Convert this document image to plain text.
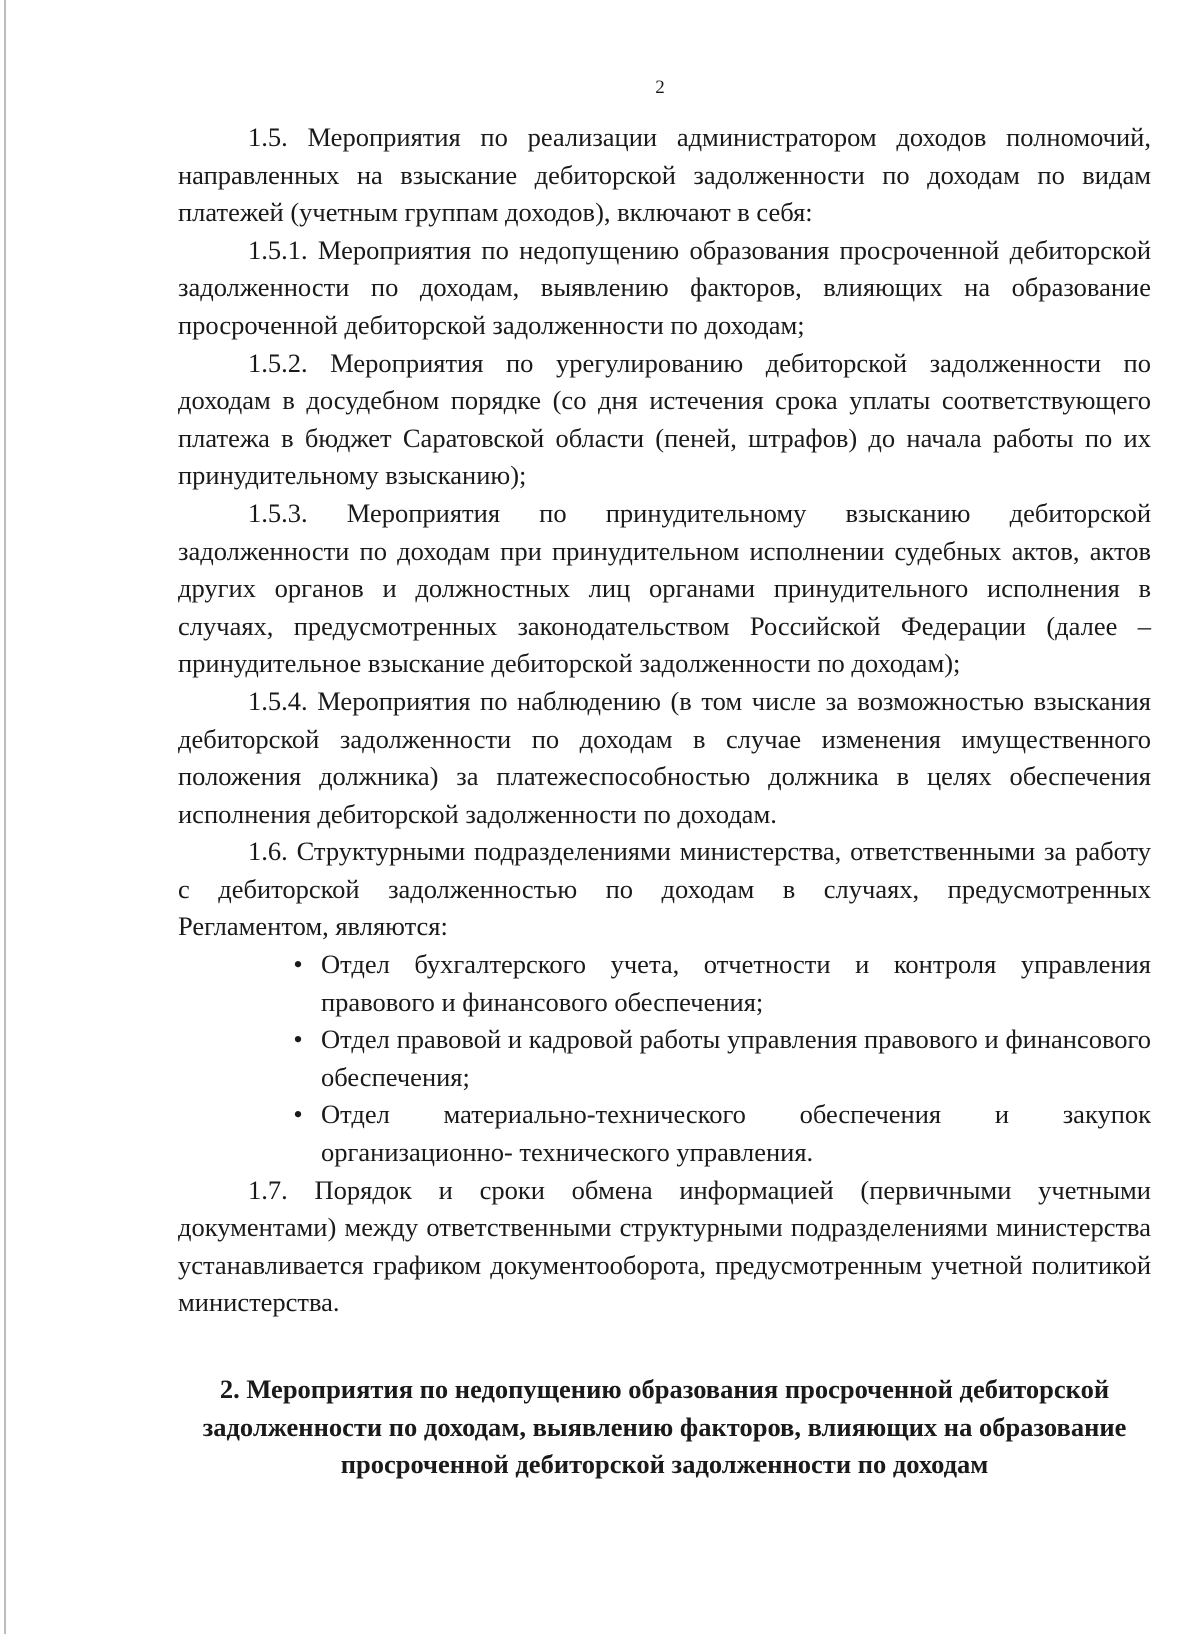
2

1.5. Мероприятия по реализации администратором доходов полномочий, направленных на взыскание дебиторской задолженности по доходам по видам платежей (учетным группам доходов), включают в себя:

1.5.1. Мероприятия по недопущению образования просроченной дебиторской задолженности по доходам, выявлению факторов, влияющих на образование просроченной дебиторской задолженности по доходам;

1.5.2. Мероприятия по урегулированию дебиторской задолженности по доходам в досудебном порядке (со дня истечения срока уплаты соответствующего платежа в бюджет Саратовской области (пеней, штрафов) до начала работы по их принудительному взысканию);

1.5.3. Мероприятия по принудительному взысканию дебиторской задолженности по доходам при принудительном исполнении судебных актов, актов других органов и должностных лиц органами принудительного исполнения в случаях, предусмотренных законодательством Российской Федерации (далее – принудительное взыскание дебиторской задолженности по доходам);

1.5.4. Мероприятия по наблюдению (в том числе за возможностью взыскания дебиторской задолженности по доходам в случае изменения имущественного положения должника) за платежеспособностью должника в целях обеспечения исполнения дебиторской задолженности по доходам.

1.6. Структурными подразделениями министерства, ответственными за работу с дебиторской задолженностью по доходам в случаях, предусмотренных Регламентом, являются:

• Отдел бухгалтерского учета, отчетности и контроля управления правового и финансового обеспечения;
• Отдел правовой и кадровой работы управления правового и финансового обеспечения;
• Отдел материально-технического обеспечения и закупок организационно- технического управления.

1.7. Порядок и сроки обмена информацией (первичными учетными документами) между ответственными структурными подразделениями министерства устанавливается графиком документооборота, предусмотренным учетной политикой министерства.

2. Мероприятия по недопущению образования просроченной дебиторской задолженности по доходам, выявлению факторов, влияющих на образование просроченной дебиторской задолженности по доходам
